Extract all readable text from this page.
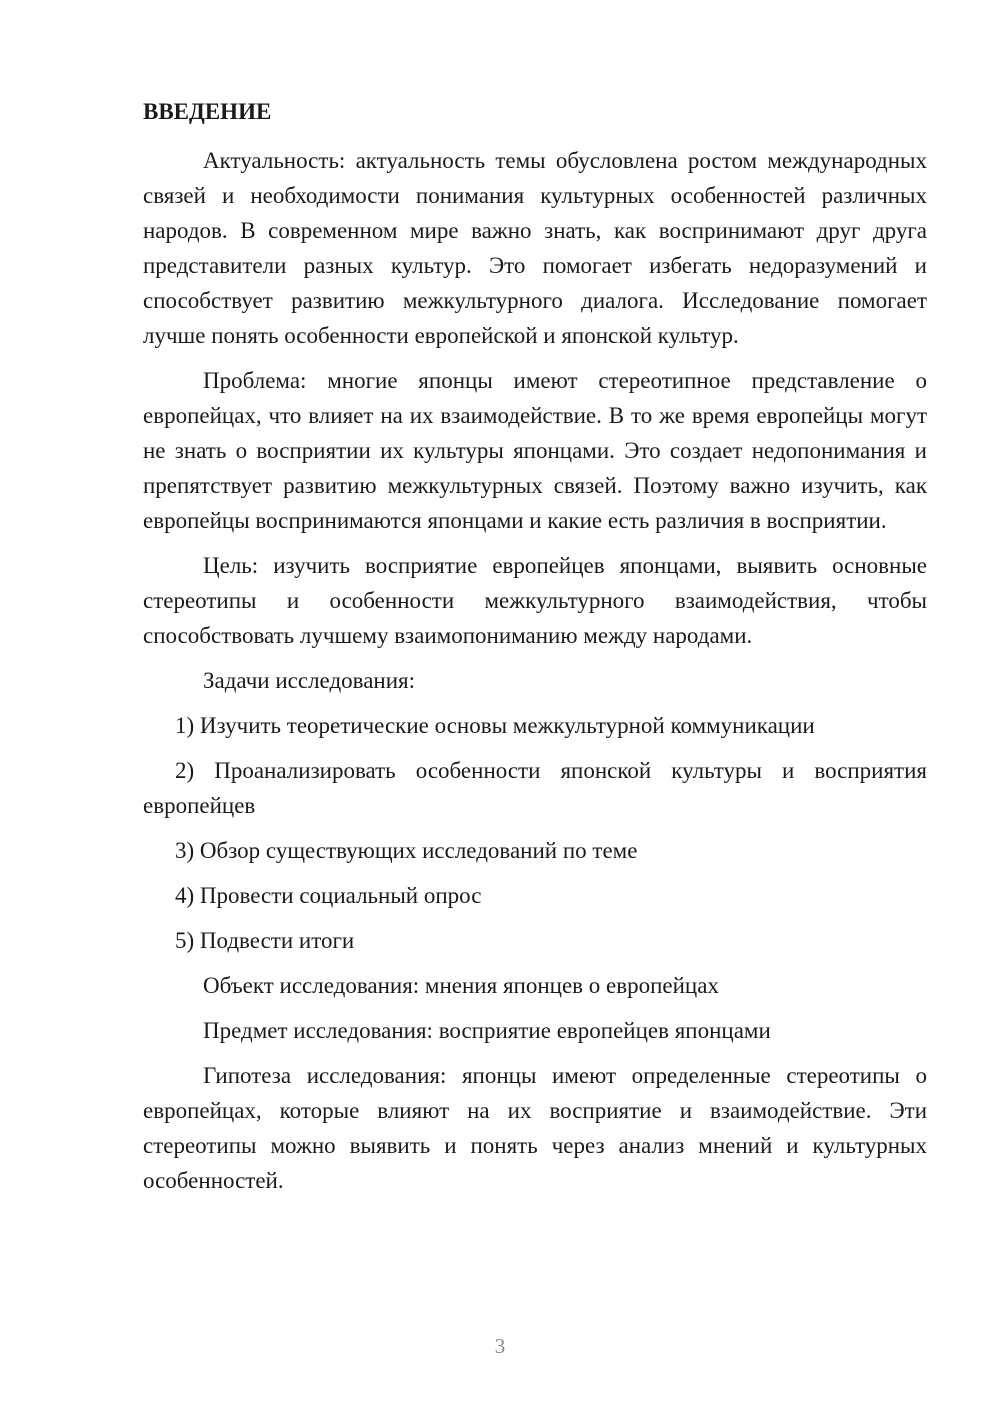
ВВЕДЕНИЕ

Актуальность: актуальность темы обусловлена ростом международных связей и необходимости понимания культурных особенностей различных народов. В современном мире важно знать, как воспринимают друг друга представители разных культур. Это помогает избегать недоразумений и способствует развитию межкультурного диалога. Исследование помогает лучше понять особенности европейской и японской культур.

Проблема: многие японцы имеют стереотипное представление о европейцах, что влияет на их взаимодействие. В то же время европейцы могут не знать о восприятии их культуры японцами. Это создает недопонимания и препятствует развитию межкультурных связей. Поэтому важно изучить, как европейцы воспринимаются японцами и какие есть различия в восприятии.

Цель: изучить восприятие европейцев японцами, выявить основные стереотипы и особенности межкультурного взаимодействия, чтобы способствовать лучшему взаимопониманию между народами.

Задачи исследования:

1) Изучить теоретические основы межкультурной коммуникации

2) Проанализировать особенности японской культуры и восприятия европейцев

3) Обзор существующих исследований по теме

4) Провести социальный опрос

5) Подвести итоги

Объект исследования: мнения японцев о европейцах

Предмет исследования: восприятие европейцев японцами

Гипотеза исследования: японцы имеют определенные стереотипы о европейцах, которые влияют на их восприятие и взаимодействие. Эти стереотипы можно выявить и понять через анализ мнений и культурных особенностей.

3
